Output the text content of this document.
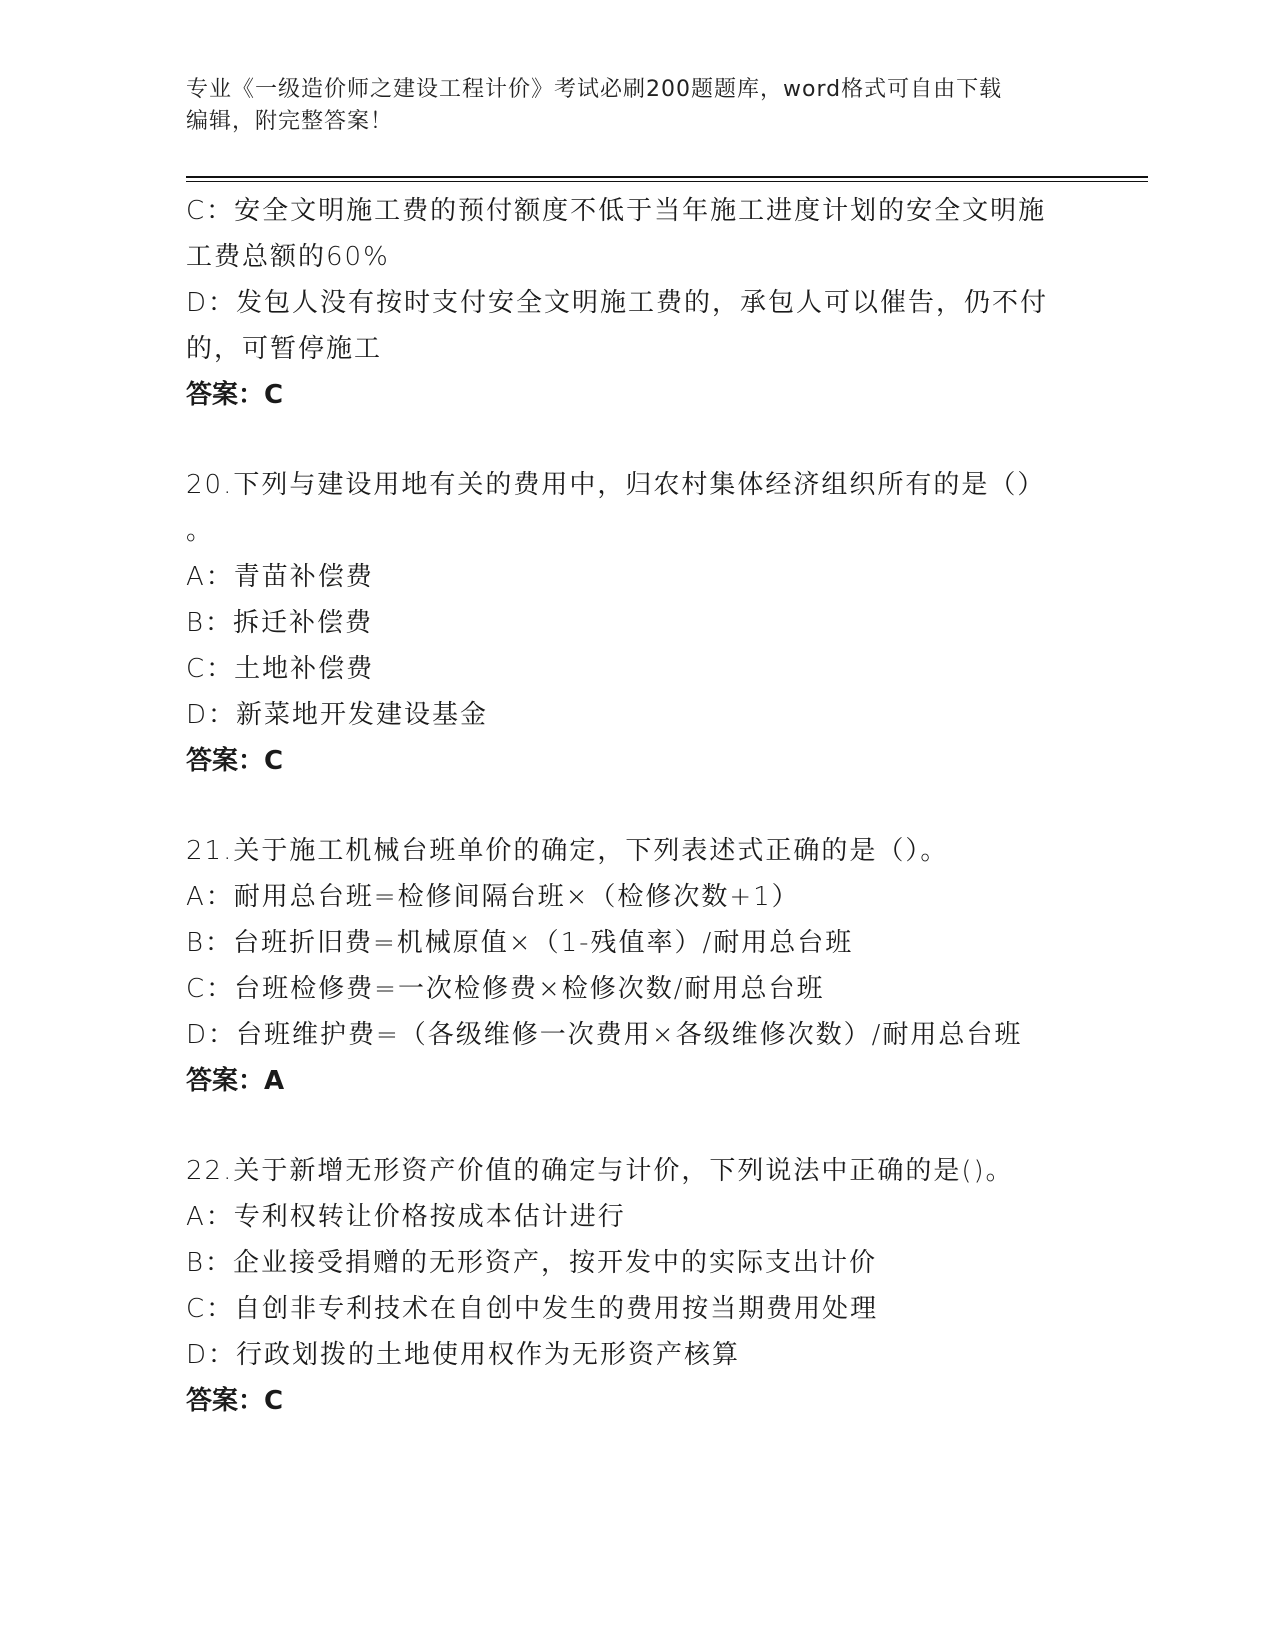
专业《一级造价师之建设工程计价》考试必刷200题题库，word格式可自由下载
编辑，附完整答案！
C：安全文明施工费的预付额度不低于当年施工进度计划的安全文明施
工费总额的60%
D：发包人没有按时支付安全文明施工费的，承包人可以催告，仍不付
的，可暂停施工
答案：C
20.下列与建设用地有关的费用中，归农村集体经济组织所有的是（）
。
A：青苗补偿费
B：拆迁补偿费
C：土地补偿费
D：新菜地开发建设基金
答案：C
21.关于施工机械台班单价的确定，下列表述式正确的是（）。
A：耐用总台班=检修间隔台班×（检修次数+1）
B：台班折旧费=机械原值×（1-残值率）/耐用总台班
C：台班检修费=一次检修费×检修次数/耐用总台班
D：台班维护费=（各级维修一次费用×各级维修次数）/耐用总台班
答案：A
22.关于新增无形资产价值的确定与计价，下列说法中正确的是()。
A：专利权转让价格按成本估计进行
B：企业接受捐赠的无形资产，按开发中的实际支出计价
C：自创非专利技术在自创中发生的费用按当期费用处理
D：行政划拨的土地使用权作为无形资产核算
答案：C
